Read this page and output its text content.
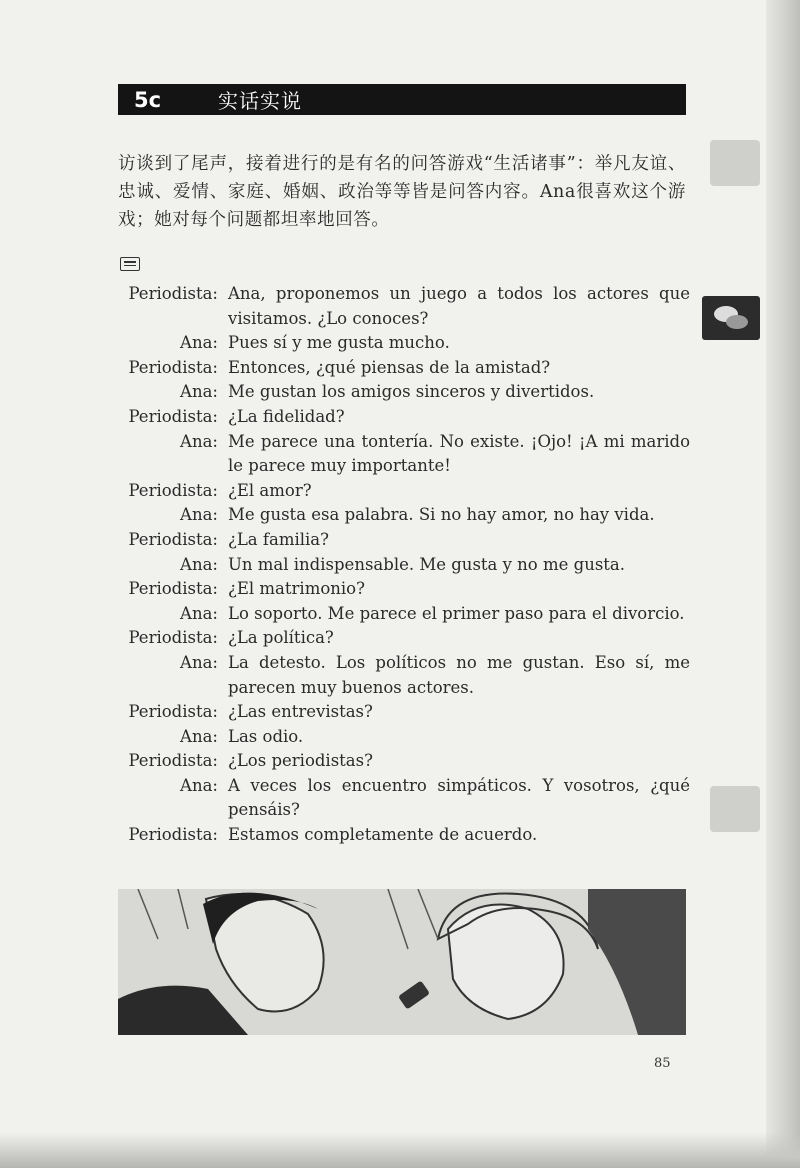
5c	实话实说
访谈到了尾声，接着进行的是有名的问答游戏“生活诸事”：举凡友谊、忠诚、爱情、家庭、婚姻、政治等等皆是问答内容。Ana很喜欢这个游戏；她对每个问题都坦率地回答。
Periodista: Ana, proponemos un juego a todos los actores que visitamos. ¿Lo conoces?
Ana: Pues sí y me gusta mucho.
Periodista: Entonces, ¿qué piensas de la amistad?
Ana: Me gustan los amigos sinceros y divertidos.
Periodista: ¿La fidelidad?
Ana: Me parece una tontería. No existe. ¡Ojo! ¡A mi marido le parece muy importante!
Periodista: ¿El amor?
Ana: Me gusta esa palabra. Si no hay amor, no hay vida.
Periodista: ¿La familia?
Ana: Un mal indispensable. Me gusta y no me gusta.
Periodista: ¿El matrimonio?
Ana: Lo soporto. Me parece el primer paso para el divorcio.
Periodista: ¿La política?
Ana: La detesto. Los políticos no me gustan. Eso sí, me parecen muy buenos actores.
Periodista: ¿Las entrevistas?
Ana: Las odio.
Periodista: ¿Los periodistas?
Ana: A veces los encuentro simpáticos. Y vosotros, ¿qué pensáis?
Periodista: Estamos completamente de acuerdo.
85
